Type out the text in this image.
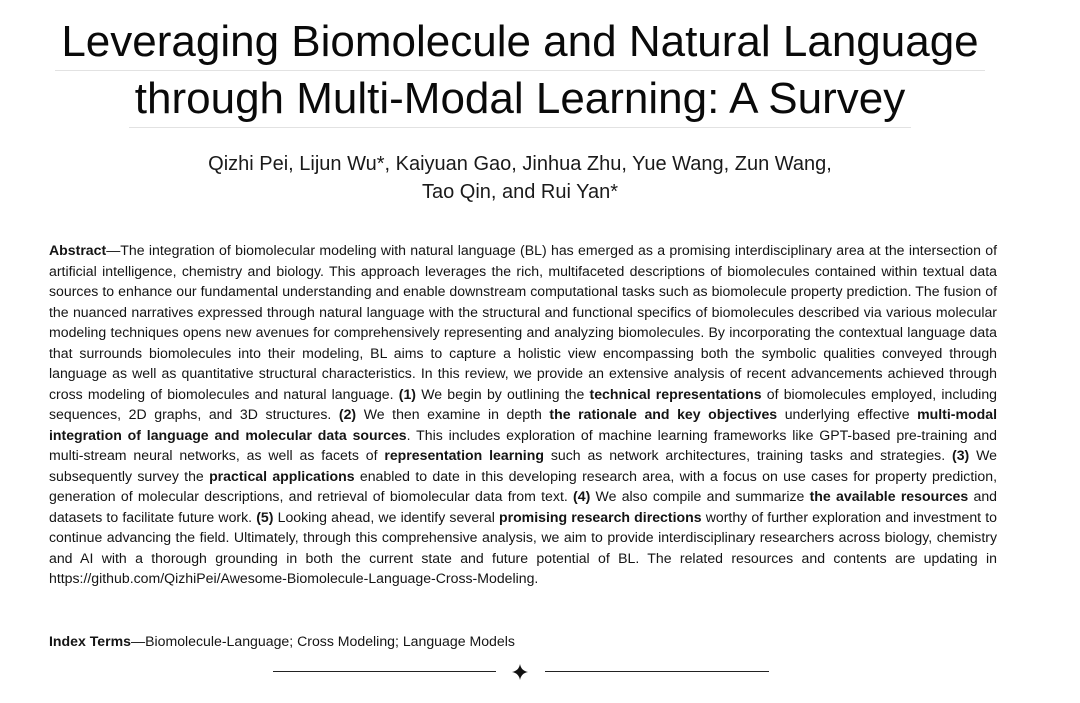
Leveraging Biomolecule and Natural Language
through Multi-Modal Learning: A Survey
Qizhi Pei, Lijun Wu*, Kaiyuan Gao, Jinhua Zhu, Yue Wang, Zun Wang,
Tao Qin, and Rui Yan*
Abstract—The integration of biomolecular modeling with natural language (BL) has emerged as a promising interdisciplinary area at the intersection of artificial intelligence, chemistry and biology. This approach leverages the rich, multifaceted descriptions of biomolecules contained within textual data sources to enhance our fundamental understanding and enable downstream computational tasks such as biomolecule property prediction. The fusion of the nuanced narratives expressed through natural language with the structural and functional specifics of biomolecules described via various molecular modeling techniques opens new avenues for comprehensively representing and analyzing biomolecules. By incorporating the contextual language data that surrounds biomolecules into their modeling, BL aims to capture a holistic view encompassing both the symbolic qualities conveyed through language as well as quantitative structural characteristics. In this review, we provide an extensive analysis of recent advancements achieved through cross modeling of biomolecules and natural language. (1) We begin by outlining the technical representations of biomolecules employed, including sequences, 2D graphs, and 3D structures. (2) We then examine in depth the rationale and key objectives underlying effective multi-modal integration of language and molecular data sources. This includes exploration of machine learning frameworks like GPT-based pre-training and multi-stream neural networks, as well as facets of representation learning such as network architectures, training tasks and strategies. (3) We subsequently survey the practical applications enabled to date in this developing research area, with a focus on use cases for property prediction, generation of molecular descriptions, and retrieval of biomolecular data from text. (4) We also compile and summarize the available resources and datasets to facilitate future work. (5) Looking ahead, we identify several promising research directions worthy of further exploration and investment to continue advancing the field. Ultimately, through this comprehensive analysis, we aim to provide interdisciplinary researchers across biology, chemistry and AI with a thorough grounding in both the current state and future potential of BL. The related resources and contents are updating in https://github.com/QizhiPei/Awesome-Biomolecule-Language-Cross-Modeling.
Index Terms—Biomolecule-Language; Cross Modeling; Language Models
